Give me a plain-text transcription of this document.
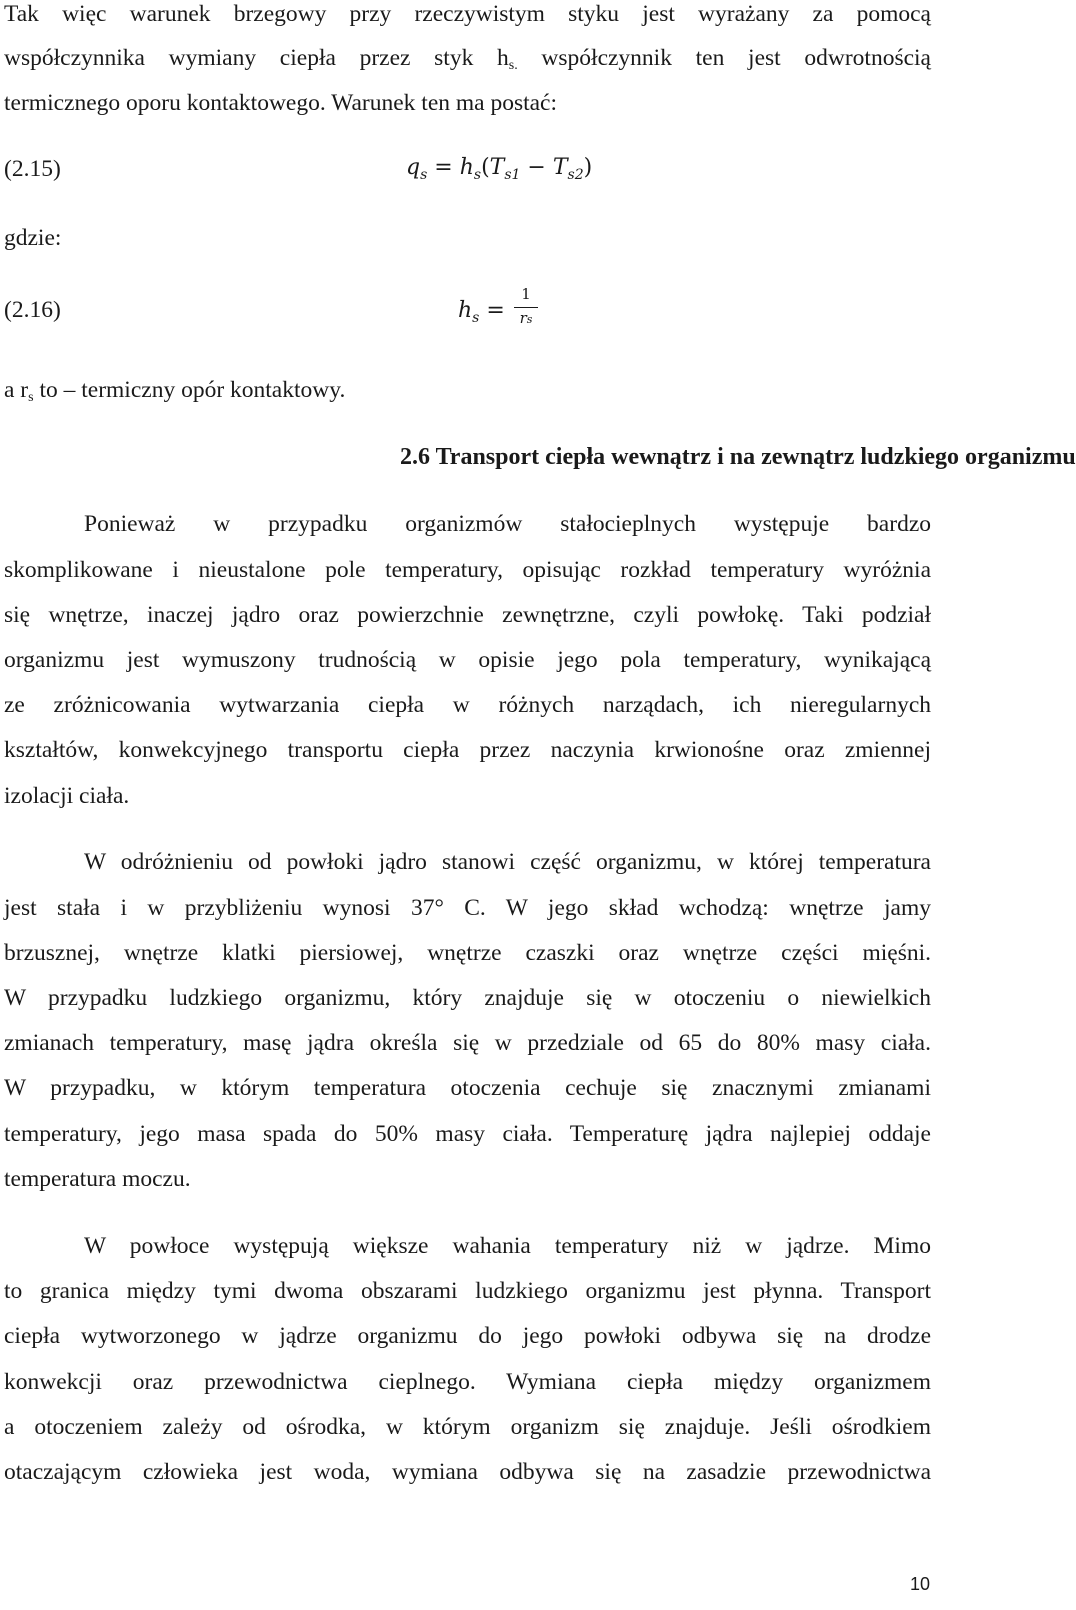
Tak więc warunek brzegowy przy rzeczywistym styku jest wyrażany za pomocą
współczynnika wymiany ciepła przez styk $h_{s.}$ współczynnik ten jest odwrotnością
termicznego oporu kontaktowego. Warunek ten ma postać:
(2.15)	$q_s = h_s(T_{s1} - T_{s2})$
gdzie:
(2.16)	$h_s$ =
1
rs
a $r_s$ to – termiczny opór kontaktowy.
2.6 Transport ciepła wewnątrz i na zewnątrz ludzkiego organizmu
Ponieważ w przypadku organizmów stałocieplnych występuje bardzo
skomplikowane i nieustalone pole temperatury, opisując rozkład temperatury wyróżnia
się wnętrze, inaczej jądro oraz powierzchnie zewnętrzne, czyli powłokę. Taki podział
organizmu jest wymuszony trudnością w opisie jego pola temperatury, wynikającą
ze zróżnicowania wytwarzania ciepła w różnych narządach, ich nieregularnych
kształtów, konwekcyjnego transportu ciepła przez naczynia krwionośne oraz zmiennej
izolacji ciała.
W odróżnieniu od powłoki jądro stanowi część organizmu, w której temperatura
jest stała i w przybliżeniu wynosi 37° C. W jego skład wchodzą: wnętrze jamy
brzusznej, wnętrze klatki piersiowej, wnętrze czaszki oraz wnętrze części mięśni.
W przypadku ludzkiego organizmu, który znajduje się w otoczeniu o niewielkich
zmianach temperatury, masę jądra określa się w przedziale od 65 do 80% masy ciała.
W przypadku, w którym temperatura otoczenia cechuje się znacznymi zmianami
temperatury, jego masa spada do 50% masy ciała. Temperaturę jądra najlepiej oddaje
temperatura moczu.
W powłoce występują większe wahania temperatury niż w jądrze. Mimo
to granica między tymi dwoma obszarami ludzkiego organizmu jest płynna. Transport
ciepła wytworzonego w jądrze organizmu do jego powłoki odbywa się na drodze
konwekcji oraz przewodnictwa cieplnego. Wymiana ciepła między organizmem
a otoczeniem zależy od ośrodka, w którym organizm się znajduje. Jeśli ośrodkiem
otaczającym człowieka jest woda, wymiana odbywa się na zasadzie przewodnictwa
10
